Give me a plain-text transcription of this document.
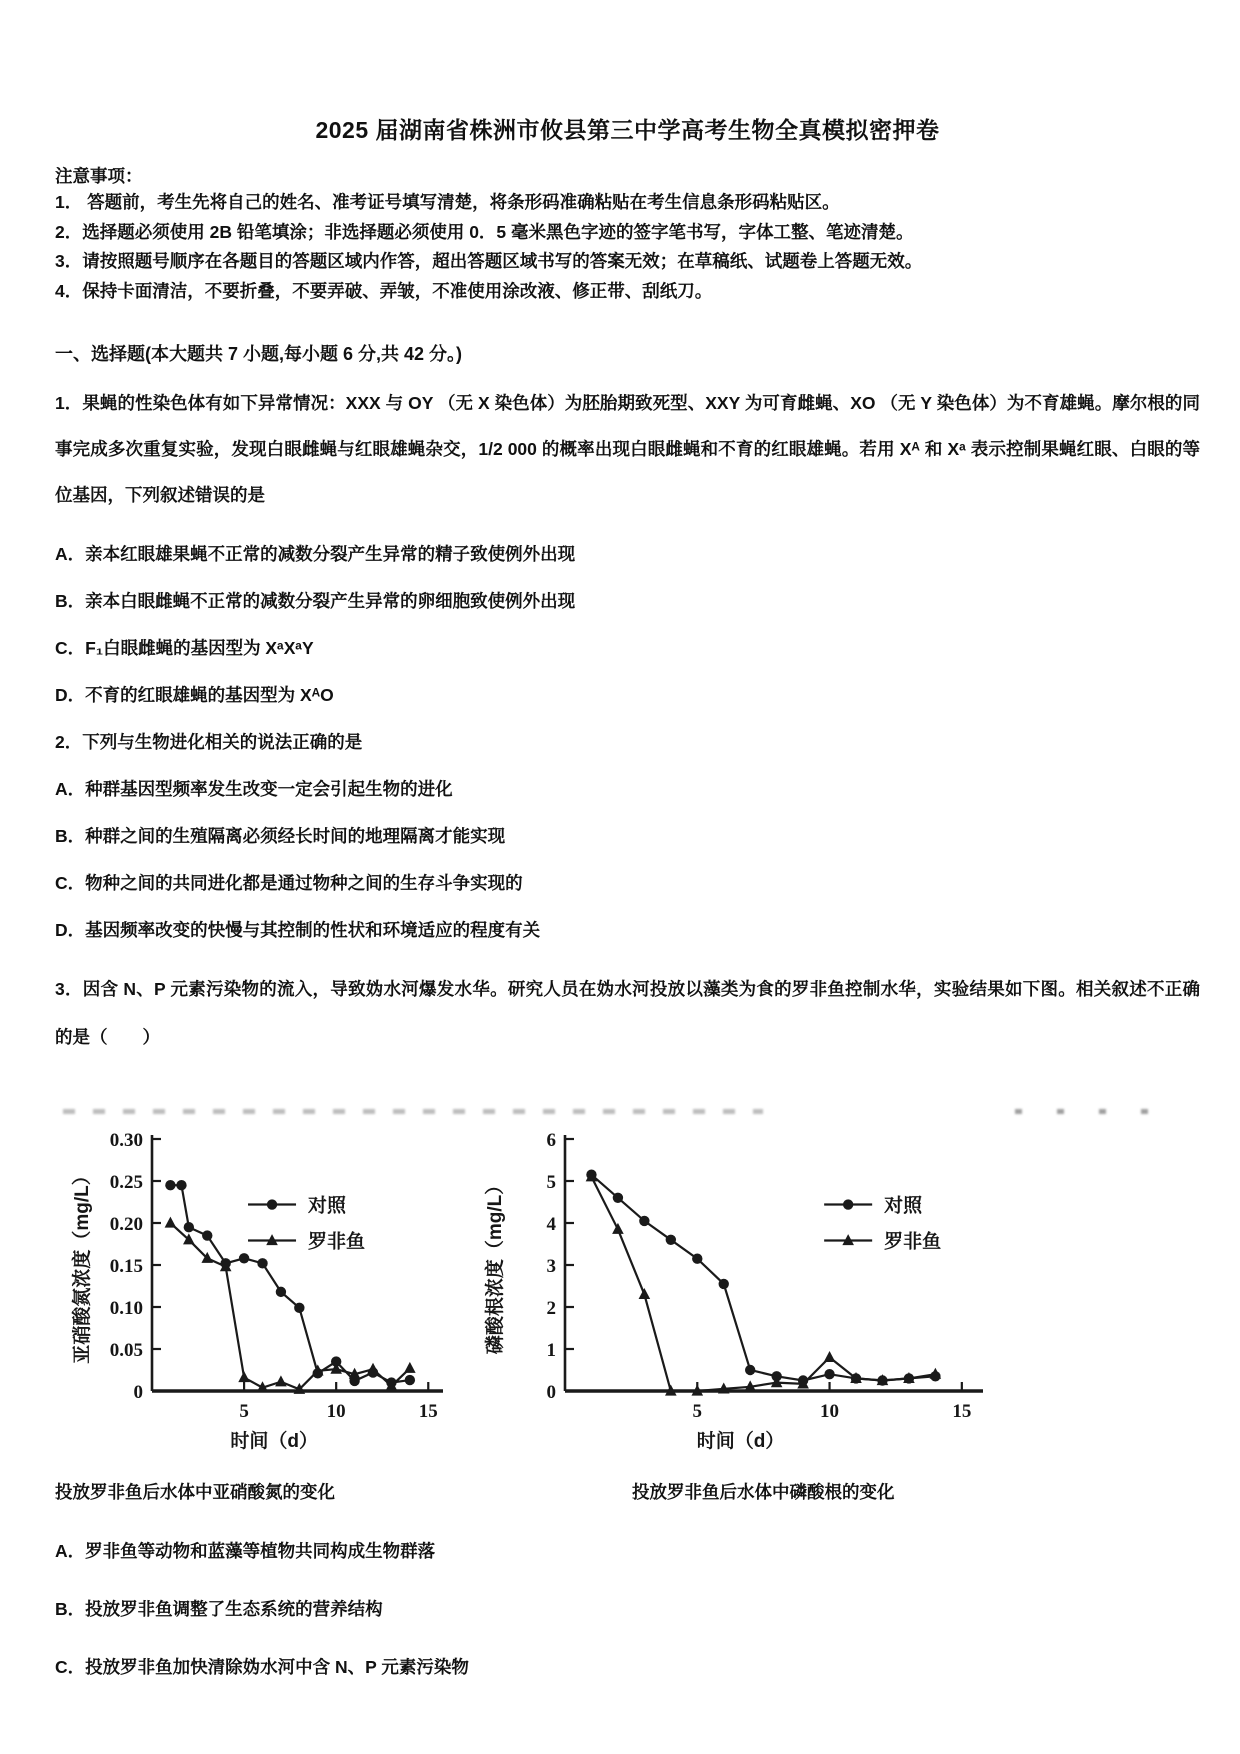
2025 届湖南省株洲市攸县第三中学高考生物全真模拟密押卷
注意事项：
1． 答题前，考生先将自己的姓名、准考证号填写清楚，将条形码准确粘贴在考生信息条形码粘贴区。
2．选择题必须使用 2B 铅笔填涂；非选择题必须使用 0．5 毫米黑色字迹的签字笔书写，字体工整、笔迹清楚。
3．请按照题号顺序在各题目的答题区域内作答，超出答题区域书写的答案无效；在草稿纸、试题卷上答题无效。
4．保持卡面清洁，不要折叠，不要弄破、弄皱，不准使用涂改液、修正带、刮纸刀。
一、选择题(本大题共 7 小题,每小题 6 分,共 42 分。)
1．果蝇的性染色体有如下异常情况：XXX 与 OY （无 X 染色体）为胚胎期致死型、XXY 为可育雌蝇、XO （无 Y 染色体）为不育雄蝇。摩尔根的同事完成多次重复实验，发现白眼雌蝇与红眼雄蝇杂交，1/2 000 的概率出现白眼雌蝇和不育的红眼雄蝇。若用 Xᴬ 和 Xᵃ 表示控制果蝇红眼、白眼的等位基因，下列叙述错误的是
A．亲本红眼雄果蝇不正常的减数分裂产生异常的精子致使例外出现
B．亲本白眼雌蝇不正常的减数分裂产生异常的卵细胞致使例外出现
C．F₁白眼雌蝇的基因型为 XᵃXᵃY
D．不育的红眼雄蝇的基因型为 XᴬO
2．下列与生物进化相关的说法正确的是
A．种群基因型频率发生改变一定会引起生物的进化
B．种群之间的生殖隔离必须经长时间的地理隔离才能实现
C．物种之间的共同进化都是通过物种之间的生存斗争实现的
D．基因频率改变的快慢与其控制的性状和环境适应的程度有关
3．因含 N、P 元素污染物的流入，导致妫水河爆发水华。研究人员在妫水河投放以藻类为食的罗非鱼控制水华，实验结果如下图。相关叙述不正确的是（　　）
0
0.05
0.10
0.15
0.20
0.25
0.30
5	10	15
时间（d）
亚硝酸氮浓度（mg/L）	对照
罗非鱼
0
1
2
3
4
5
6
5	10	15
时间（d）
磷酸根浓度（mg/L）	对照
罗非鱼
投放罗非鱼后水体中亚硝酸氮的变化	投放罗非鱼后水体中磷酸根的变化
A．罗非鱼等动物和蓝藻等植物共同构成生物群落
B．投放罗非鱼调整了生态系统的营养结构
C．投放罗非鱼加快清除妫水河中含 N、P 元素污染物
